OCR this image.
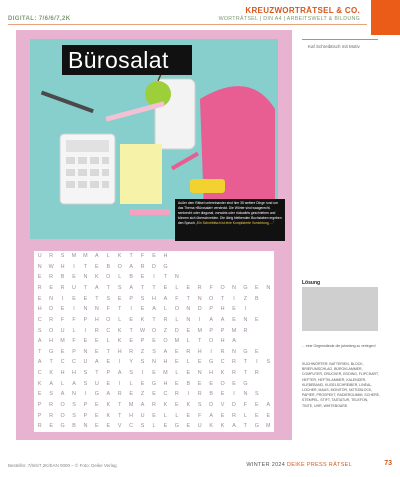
DIGITAL: 7/6/6/7,2K
KREUZWORTRÄTSEL & CO.
WORTRÄTSEL | DIN A4 | ARBEITSWELT & BILDUNG
Bürosalat
Außer dem Rätsel untereinander sind hier 35 weitere Dinge rund um das Thema »Bürosalat« versteckt. Die Wörter sind waagerecht, senkrecht oder diagonal, vorwärts oder rückwärts geschrieben und können sich überschneiden. Die übrig bleibenden Buchstaben ergeben den Spruch „Ein Schreibtisch ist eine Komplizierte Vorrichtung, ..."
U	R	S	M	M	A	L	K	T	F	E	H
N	W	H	I	T	E	B	O	A	R	D	G
E	R	B	E	N	K	O	L	B	E	I	T	N
R	E	R	U	T	A	T	S	A	T	T	E	L	E	R	F	O	N	G	E	N
E	N	I	E	E	T	S	E	P	S	H	A	F	T	N	O	T	I	Z	B
H	D	E	I	N	N	F	T	I	E	A	L	O	N	D	P	H	E	I
C	R	F	F	P	H	O	L	E	K	T	R	L	N	I	A	A	E	N	E
S	O	U	L	I	R	C	K	T	W	O	Z	D	E	M	P	P	M	R
A	H	M	F	E	E	L	K	E	P	E	O	M	L	T	O	H	A
T	G	E	P	N	E	T	H	R	Z	S	A	E	R	H	I	R	N	G	E
A	T	C	C	U	A	E	I	Y	S	N	H	E	L	E	G	C	R	T	I	S
C	K	H	H	S	T	P	A	S	I	E	M	L	E	N	H	K	R	T	R
K	A	L	A	S	U	E	I	L	E	G	H	E	B	E	E	O	E	G
E	S	A	N	I	G	A	R	E	Z	E	C	R	I	R	B	E	I	N	S
P	R	O	S	P	E	K	T	M	A	R	K	E	K	S	D	V	D	F	E	A
P	R	O	S	P	E	K	T	H	U	E	L	L	E	F	A	E	R	L	E	E
R	E	G	B	N	E	E	V	C	S	L	E	G	E	U	K	K	A	T	G	M
Kaf Schreibtisch mit Motiv
Lösung
... eine Gegenstände die jahrelang zu verlegen!
SUCHWÖRTER: BATTERIEN, BLOCK, BRIEFUMSCHLAG, BÜROKLAMMER, COMPUTER, DRUCKER, EDDING, FLIPCHART, HEFTER, HEFTKLAMMER, KALENDER, KLEBEBAND, KUGELSCHREIBER, LINEAL, LOCHER, MAUS, MONITOR, NOTIZBLOCK, PAPIER, PROSPEKT, RADIERGUMMI, SCHERE, STEMPEL, STIFT, TASTATUR, TELEFON, TINTE, UHR, WHITEBOARD
Bestellnr. 7/6/6/7,2K/EAN 0000 – © Foto: Deike Verlag	WINTER 2024 DEIKE PRESS RÄTSEL	73
